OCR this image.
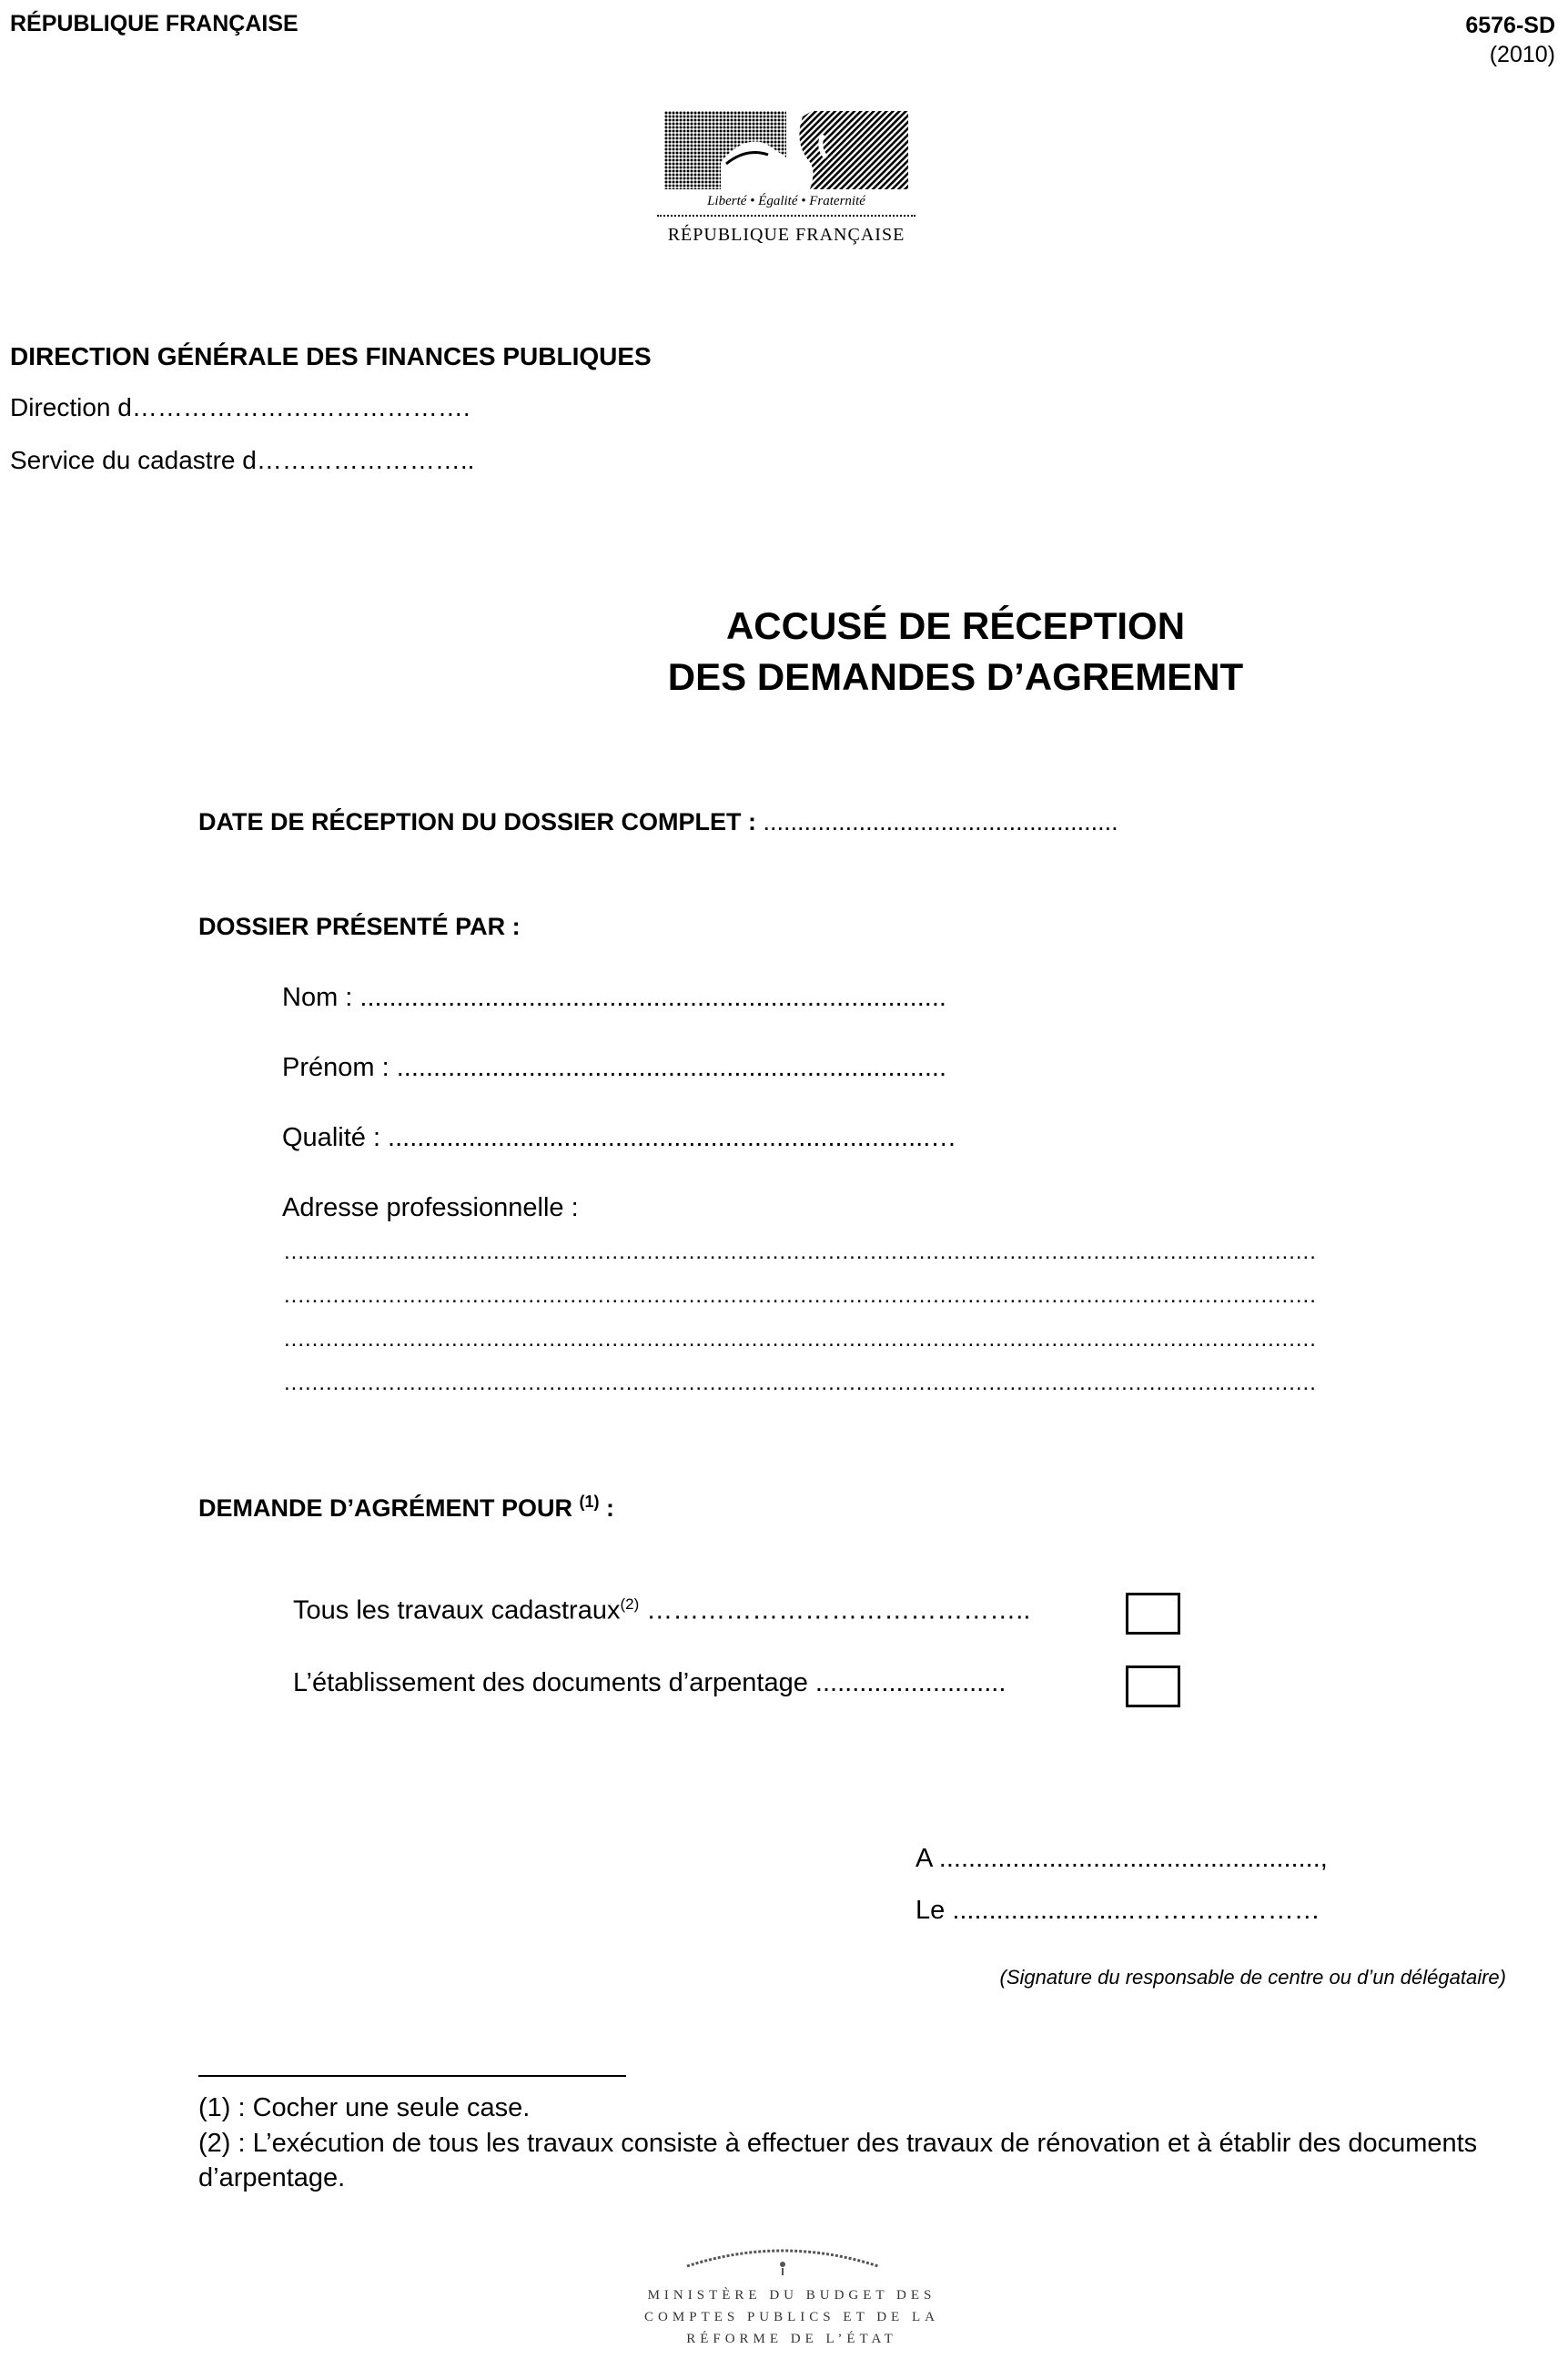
RÉPUBLIQUE FRANÇAISE	6576-SD
(2010)
Liberté • Égalité • Fraternité
RÉPUBLIQUE FRANÇAISE
DIRECTION GÉNÉRALE DES FINANCES PUBLIQUES
Direction d………………………………….
Service du cadastre d……………………..
ACCUSÉ DE RÉCEPTION
DES DEMANDES D’AGREMENT
DATE DE RÉCEPTION DU DOSSIER COMPLET : ....................................................
DOSSIER PRÉSENTÉ PAR :
Nom : ................................................................................
Prénom : ...........................................................................
Qualité : ..........................................................................…
Adresse professionnelle :
....................................................................................................................................................
....................................................................................................................................................
....................................................................................................................................................
....................................................................................................................................................
DEMANDE D’AGRÉMENT POUR $^{(1)}$ :
Tous les travaux cadastraux$^{(2)}$ ……………………………………..
L’établissement des documents d’arpentage ..........................
A ....................................................,
Le .........................…………………
(Signature du responsable de centre ou d’un délégataire)
(1) : Cocher une seule case.
(2) : L’exécution de tous les travaux consiste à effectuer des travaux de rénovation et à établir des documents d’arpentage.
MINISTÈRE DU BUDGET DES COMPTES PUBLICS ET DE LA RÉFORME DE L’ÉTAT
